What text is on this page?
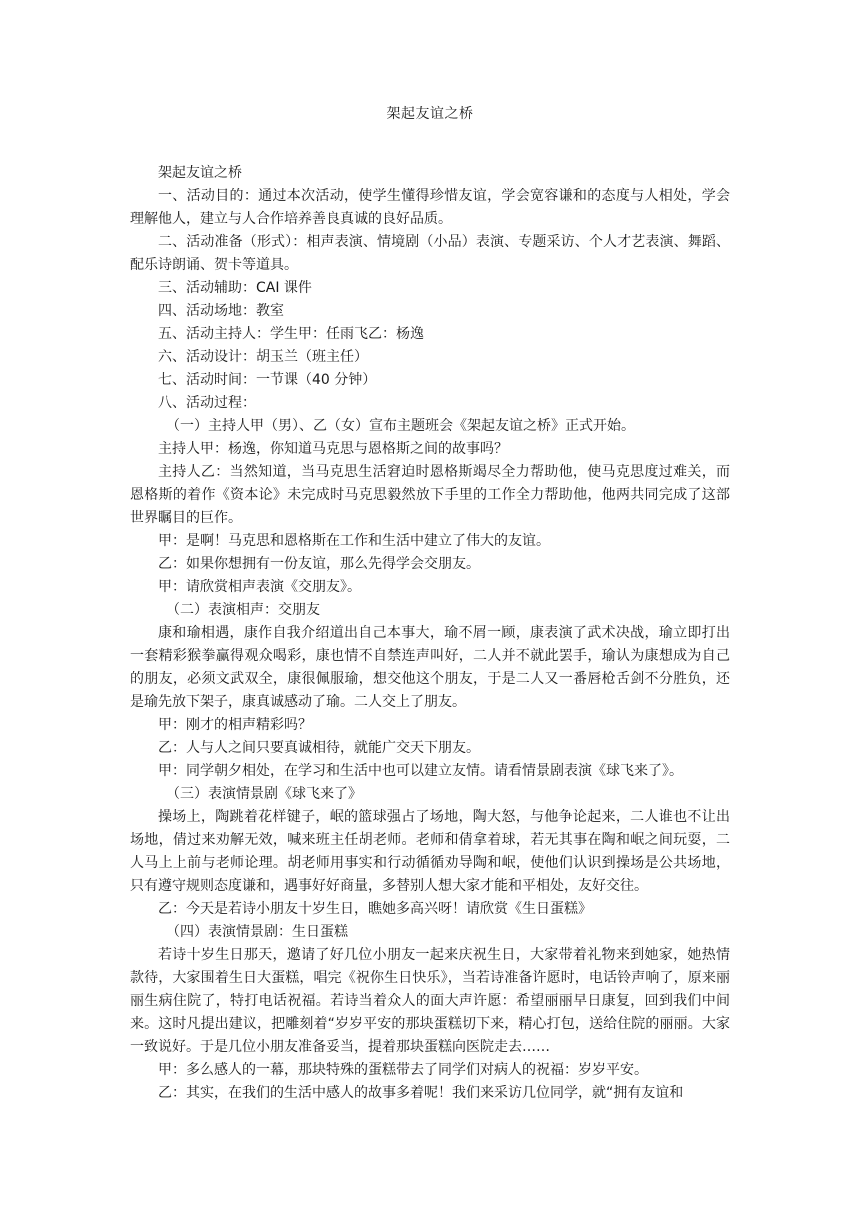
架起友谊之桥

架起友谊之桥

一、活动目的：通过本次活动，使学生懂得珍惜友谊，学会宽容谦和的态度与人相处，学会理解他人，建立与人合作培养善良真诚的良好品质。

二、活动准备（形式）：相声表演、情境剧（小品）表演、专题采访、个人才艺表演、舞蹈、配乐诗朗诵、贺卡等道具。

三、活动辅助：CAI 课件

四、活动场地：教室

五、活动主持人：学生甲：任雨飞乙：杨逸

六、活动设计：胡玉兰（班主任）

七、活动时间：一节课（40 分钟）

八、活动过程：

（一）主持人甲（男）、乙（女）宣布主题班会《架起友谊之桥》正式开始。

主持人甲：杨逸，你知道马克思与恩格斯之间的故事吗？

主持人乙：当然知道，当马克思生活窘迫时恩格斯竭尽全力帮助他，使马克思度过难关，而恩格斯的着作《资本论》未完成时马克思毅然放下手里的工作全力帮助他，他两共同完成了这部世界瞩目的巨作。

甲：是啊！马克思和恩格斯在工作和生活中建立了伟大的友谊。

乙：如果你想拥有一份友谊，那么先得学会交朋友。

甲：请欣赏相声表演《交朋友》。

（二）表演相声：交朋友

康和瑜相遇，康作自我介绍道出自己本事大，瑜不屑一顾，康表演了武术决战，瑜立即打出一套精彩猴拳赢得观众喝彩，康也情不自禁连声叫好，二人并不就此罢手，瑜认为康想成为自己的朋友，必须文武双全，康很佩服瑜，想交他这个朋友，于是二人又一番唇枪舌剑不分胜负，还是瑜先放下架子，康真诚感动了瑜。二人交上了朋友。

甲：刚才的相声精彩吗？

乙：人与人之间只要真诚相待，就能广交天下朋友。

甲：同学朝夕相处，在学习和生活中也可以建立友情。请看情景剧表演《球飞来了》。

（三）表演情景剧《球飞来了》

操场上，陶跳着花样键子，岷的篮球强占了场地，陶大怒，与他争论起来，二人谁也不让出场地，倩过来劝解无效，喊来班主任胡老师。老师和倩拿着球，若无其事在陶和岷之间玩耍，二人马上上前与老师论理。胡老师用事实和行动循循劝导陶和岷，使他们认识到操场是公共场地，只有遵守规则态度谦和，遇事好好商量，多替别人想大家才能和平相处，友好交往。

乙：今天是若诗小朋友十岁生日，瞧她多高兴呀！请欣赏《生日蛋糕》

（四）表演情景剧：生日蛋糕

若诗十岁生日那天，邀请了好几位小朋友一起来庆祝生日，大家带着礼物来到她家，她热情款待，大家围着生日大蛋糕，唱完《祝你生日快乐》，当若诗准备许愿时，电话铃声响了，原来丽丽生病住院了，特打电话祝福。若诗当着众人的面大声许愿：希望丽丽早日康复，回到我们中间来。这时凡提出建议，把雕刻着“岁岁平安的那块蛋糕切下来，精心打包，送给住院的丽丽。大家一致说好。于是几位小朋友准备妥当，提着那块蛋糕向医院走去……

甲：多么感人的一幕，那块特殊的蛋糕带去了同学们对病人的祝福：岁岁平安。

乙：其实，在我们的生活中感人的故事多着呢！我们来采访几位同学，就“拥有友谊和
